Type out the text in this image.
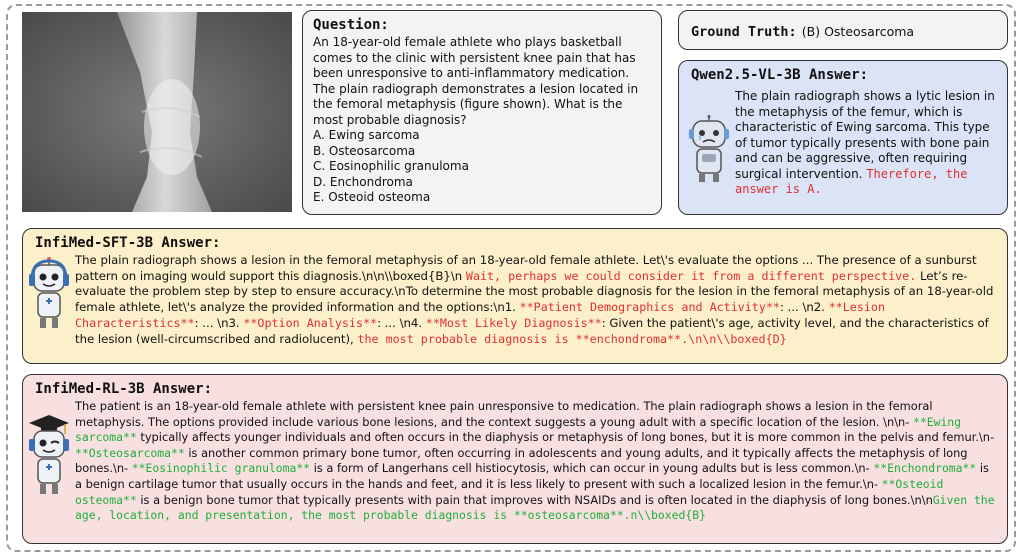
Question:
An 18-year-old female athlete who plays basketball comes to the clinic with persistent knee pain that has been unresponsive to anti-inflammatory medication. The plain radiograph demonstrates a lesion located in the femoral metaphysis (figure shown). What is the most probable diagnosis?
A. Ewing sarcoma
B. Osteosarcoma
C. Eosinophilic granuloma
D. Enchondroma
E. Osteoid osteoma
Ground Truth: (B) Osteosarcoma
Qwen2.5-VL-3B Answer:
The plain radiograph shows a lytic lesion in the metaphysis of the femur, which is characteristic of Ewing sarcoma. This type of tumor typically presents with bone pain and can be aggressive, often requiring surgical intervention. Therefore, the answer is A.
InfiMed-SFT-3B Answer:
The plain radiograph shows a lesion in the femoral metaphysis of an 18-year-old female athlete. Let\'s evaluate the options ... The presence of a sunburst pattern on imaging would support this diagnosis.\n\n\\boxed{B}\n Wait, perhaps we could consider it from a different perspective. Let’s re-evaluate the problem step by step to ensure accuracy.\nTo determine the most probable diagnosis for the lesion in the femoral metaphysis of an 18-year-old female athlete, let\'s analyze the provided information and the options:\n1. **Patient Demographics and Activity**: ... \n2. **Lesion Characteristics**: ... \n3. **Option Analysis**: ... \n4. **Most Likely Diagnosis**: Given the patient\'s age, activity level, and the characteristics of the lesion (well-circumscribed and radiolucent), the most probable diagnosis is **enchondroma**.\n\n\\boxed{D}
InfiMed-RL-3B Answer:
The patient is an 18-year-old female athlete with persistent knee pain unresponsive to medication. The plain radiograph shows a lesion in the femoral metaphysis. The options provided include various bone lesions, and the context suggests a young adult with a specific location of the lesion. \n\n- **Ewing sarcoma** typically affects younger individuals and often occurs in the diaphysis or metaphysis of long bones, but it is more common in the pelvis and femur.\n- **Osteosarcoma** is another common primary bone tumor, often occurring in adolescents and young adults, and it typically affects the metaphysis of long bones.\n- **Eosinophilic granuloma** is a form of Langerhans cell histiocytosis, which can occur in young adults but is less common.\n- **Enchondroma** is a benign cartilage tumor that usually occurs in the hands and feet, and it is less likely to present with such a localized lesion in the femur.\n- **Osteoid osteoma** is a benign bone tumor that typically presents with pain that improves with NSAIDs and is often located in the diaphysis of long bones.\n\nGiven the age, location, and presentation, the most probable diagnosis is **osteosarcoma**.n\\boxed{B}
